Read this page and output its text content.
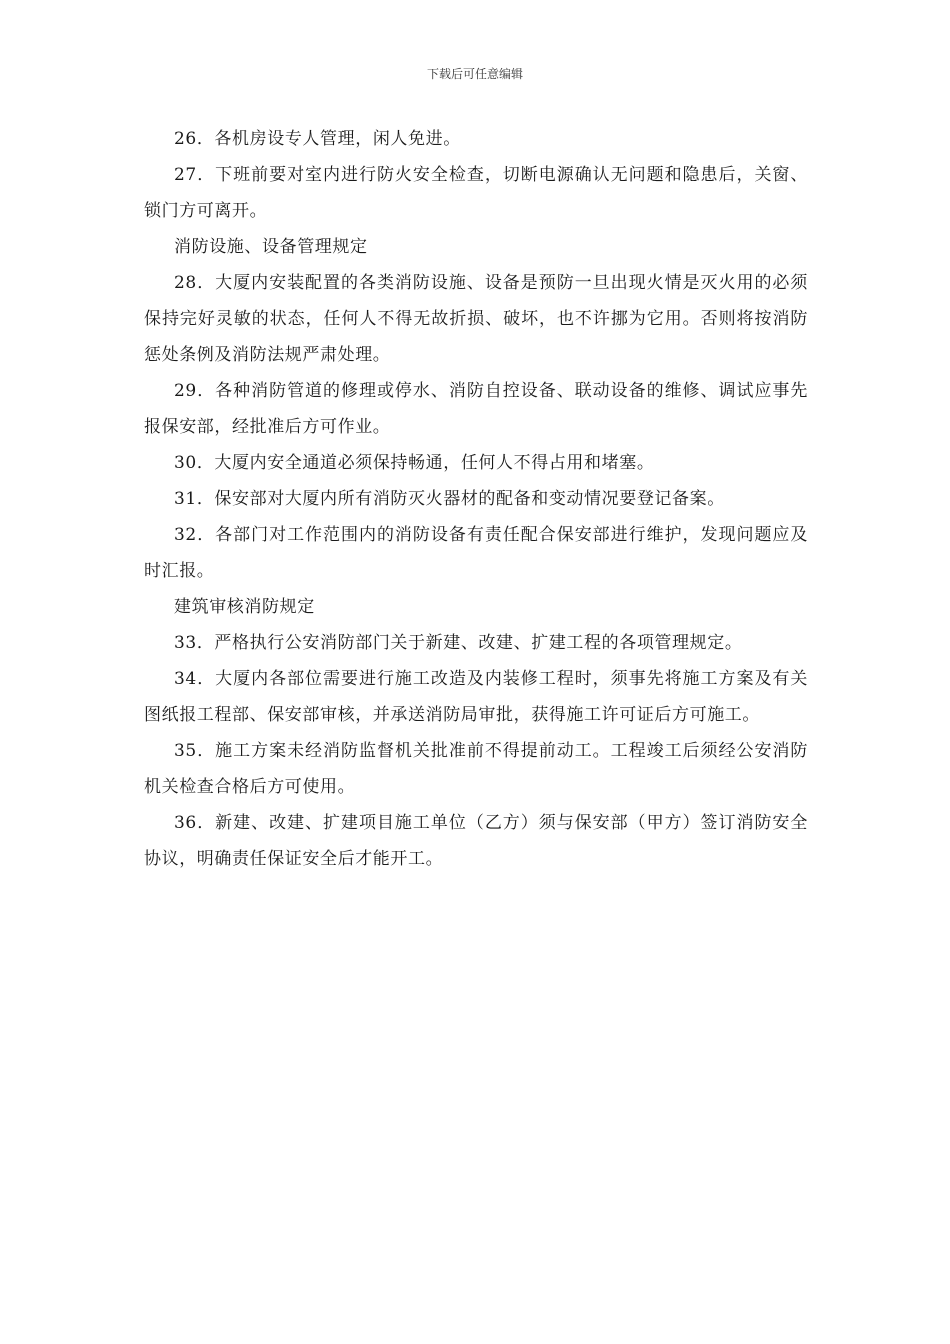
下载后可任意编辑

26．各机房设专人管理，闲人免进。

27．下班前要对室内进行防火安全检查，切断电源确认无问题和隐患后，关窗、锁门方可离开。

消防设施、设备管理规定

28．大厦内安装配置的各类消防设施、设备是预防一旦出现火情是灭火用的必须保持完好灵敏的状态，任何人不得无故折损、破坏，也不许挪为它用。否则将按消防惩处条例及消防法规严肃处理。

29．各种消防管道的修理或停水、消防自控设备、联动设备的维修、调试应事先报保安部，经批准后方可作业。

30．大厦内安全通道必须保持畅通，任何人不得占用和堵塞。

31．保安部对大厦内所有消防灭火器材的配备和变动情况要登记备案。

32．各部门对工作范围内的消防设备有责任配合保安部进行维护，发现问题应及时汇报。

建筑审核消防规定

33．严格执行公安消防部门关于新建、改建、扩建工程的各项管理规定。

34．大厦内各部位需要进行施工改造及内装修工程时，须事先将施工方案及有关图纸报工程部、保安部审核，并承送消防局审批，获得施工许可证后方可施工。

35．施工方案未经消防监督机关批准前不得提前动工。工程竣工后须经公安消防机关检查合格后方可使用。

36．新建、改建、扩建项目施工单位（乙方）须与保安部（甲方）签订消防安全协议，明确责任保证安全后才能开工。
